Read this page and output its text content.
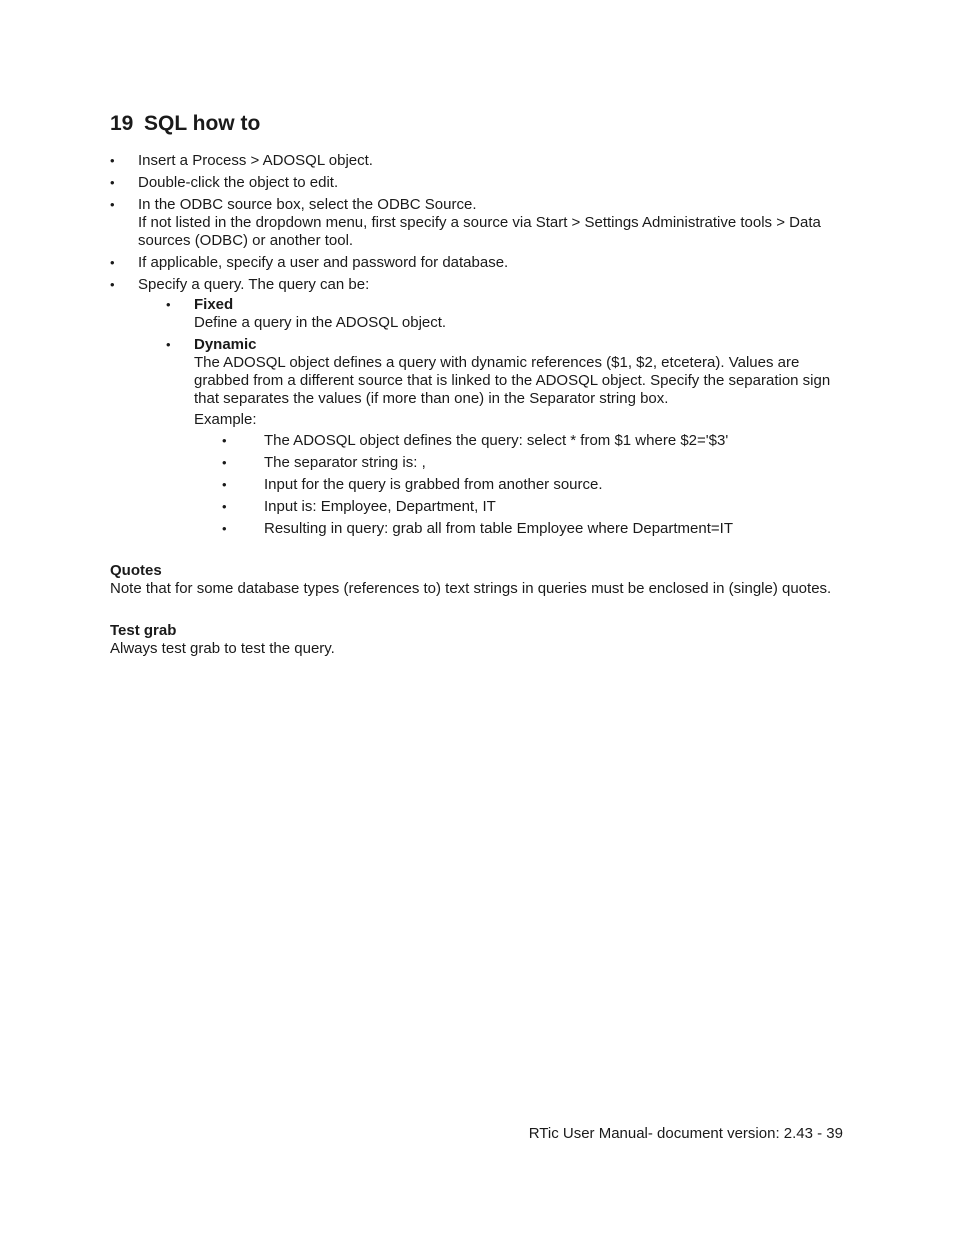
19 SQL how to
• Insert a Process > ADOSQL object.
• Double-click the object to edit.
• In the ODBC source box, select the ODBC Source.
If not listed in the dropdown menu, first specify a source via Start > Settings Administrative tools > Data sources (ODBC) or another tool.
• If applicable, specify a user and password for database.
• Specify a query. The query can be:
• Fixed
Define a query in the ADOSQL object.
• Dynamic
The ADOSQL object defines a query with dynamic references ($1, $2, etcetera). Values are grabbed from a different source that is linked to the ADOSQL object. Specify the separation sign that separates the values (if more than one) in the Separator string box.
Example:
• The ADOSQL object defines the query: select * from $1 where $2='$3'
• The separator string is: ,
• Input for the query is grabbed from another source.
• Input is: Employee, Department, IT
• Resulting in query: grab all from table Employee where Department=IT
Quotes
Note that for some database types (references to) text strings in queries must be enclosed in (single) quotes.
Test grab
Always test grab to test the query.
RTic User Manual- document version: 2.43 - 39
